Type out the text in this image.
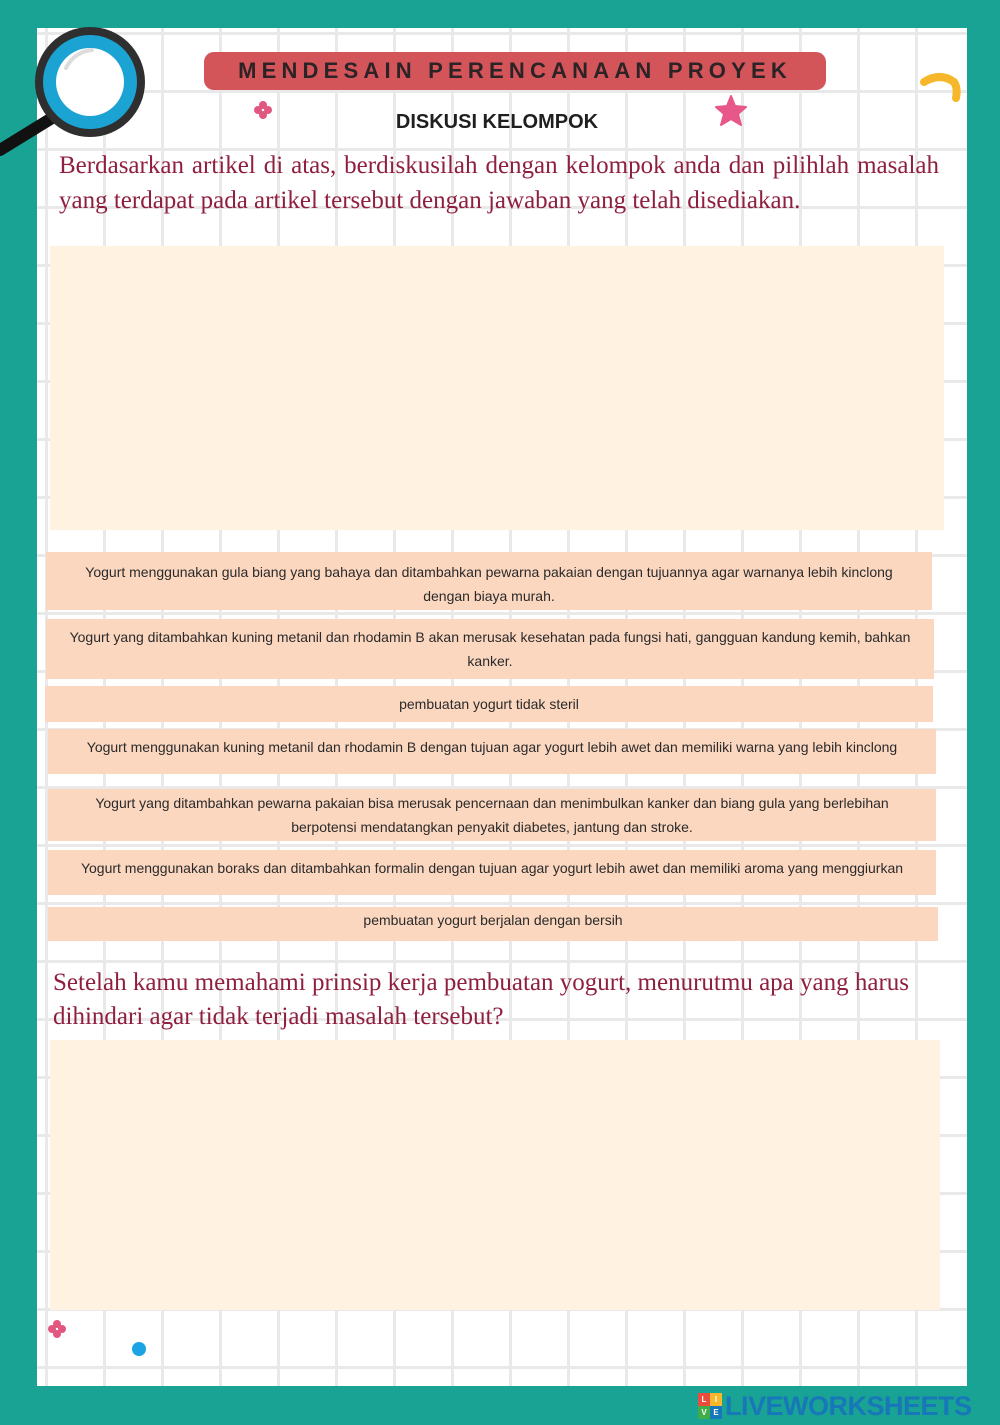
MENDESAIN PERENCANAAN PROYEK
DISKUSI KELOMPOK
Berdasarkan artikel di atas, berdiskusilah dengan kelompok anda dan pilihlah masalah yang terdapat pada artikel tersebut dengan jawaban yang telah disediakan.
Yogurt menggunakan gula biang yang bahaya dan ditambahkan pewarna pakaian dengan tujuannya agar warnanya lebih kinclong dengan biaya murah.
Yogurt yang ditambahkan kuning metanil dan rhodamin B akan merusak kesehatan pada fungsi hati, gangguan kandung kemih, bahkan kanker.
pembuatan yogurt tidak steril
Yogurt menggunakan kuning metanil dan rhodamin B dengan tujuan agar yogurt lebih awet dan memiliki warna yang lebih kinclong
Yogurt yang ditambahkan pewarna pakaian bisa merusak pencernaan dan menimbulkan kanker dan biang gula yang berlebihan berpotensi mendatangkan penyakit diabetes, jantung dan stroke.
Yogurt menggunakan boraks dan ditambahkan formalin dengan tujuan agar yogurt lebih awet dan memiliki aroma yang menggiurkan
pembuatan yogurt berjalan dengan bersih
Setelah kamu memahami prinsip kerja pembuatan yogurt, menurutmu apa yang harus dihindari agar tidak terjadi masalah tersebut?
L	I
V E LIVEWORKSHEETS
